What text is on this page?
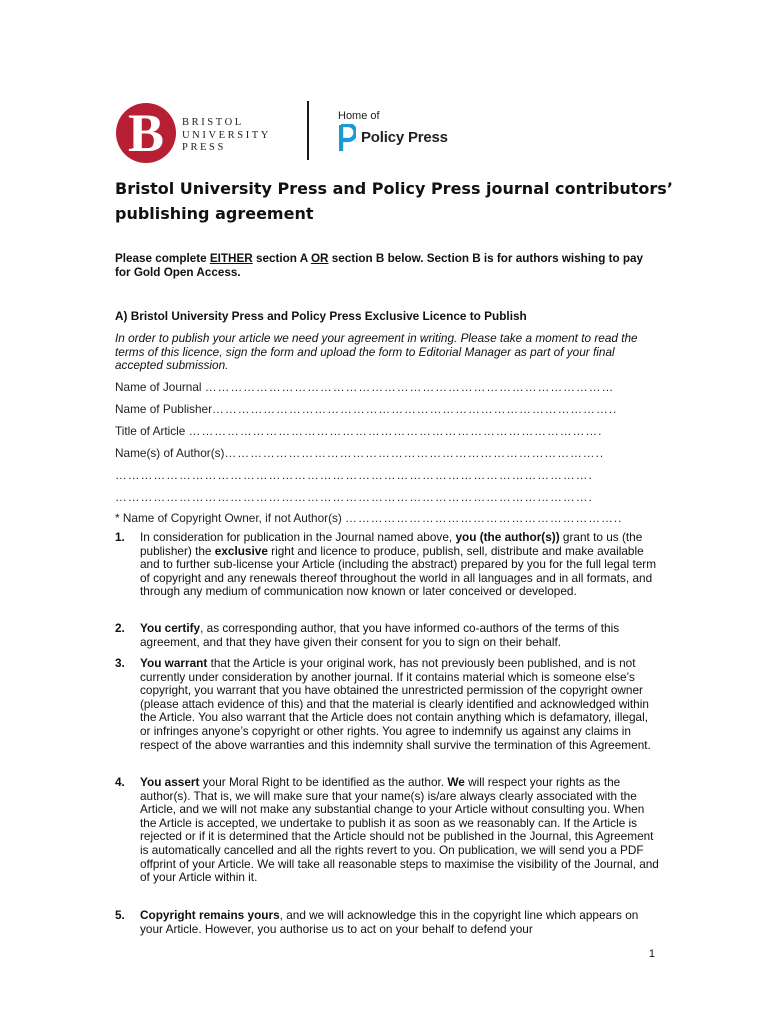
B	BRISTOL
UNIVERSITY
PRESS
Home of
Policy Press
Bristol University Press and Policy Press journal contributors’ publishing agreement

Please complete EITHER section A OR section B below. Section B is for authors wishing to pay for Gold Open Access.

A) Bristol University Press and Policy Press Exclusive Licence to Publish

In order to publish your article we need your agreement in writing. Please take a moment to read the terms of this licence, sign the form and upload the form to Editorial Manager as part of your final accepted submission.

Name of Journal ……………………………………………………………………………………
Name of Publisher…………………………………………………………………………………..
Title of Article …………………………………………………………………………………….
Name(s) of Author(s)……………………………………………………………………………..
………………………………………………………………………………………………….
………………………………………………………………………………………………….
* Name of Copyright Owner, if not Author(s) ………………………………………………………..
1. In consideration for publication in the Journal named above, you (the author(s)) grant to us (the publisher) the exclusive right and licence to produce, publish, sell, distribute and make available and to further sub-license your Article (including the abstract) prepared by you for the full legal term of copyright and any renewals thereof throughout the world in all languages and in all formats, and through any medium of communication now known or later conceived or developed.
2. You certify, as corresponding author, that you have informed co-authors of the terms of this agreement, and that they have given their consent for you to sign on their behalf.
3. You warrant that the Article is your original work, has not previously been published, and is not currently under consideration by another journal. If it contains material which is someone else’s copyright, you warrant that you have obtained the unrestricted permission of the copyright owner (please attach evidence of this) and that the material is clearly identified and acknowledged within the Article. You also warrant that the Article does not contain anything which is defamatory, illegal, or infringes anyone’s copyright or other rights. You agree to indemnify us against any claims in respect of the above warranties and this indemnity shall survive the termination of this Agreement.
4. You assert your Moral Right to be identified as the author. We will respect your rights as the author(s). That is, we will make sure that your name(s) is/are always clearly associated with the Article, and we will not make any substantial change to your Article without consulting you. When the Article is accepted, we undertake to publish it as soon as we reasonably can. If the Article is rejected or if it is determined that the Article should not be published in the Journal, this Agreement is automatically cancelled and all the rights revert to you. On publication, we will send you a PDF offprint of your Article. We will take all reasonable steps to maximise the visibility of the Journal, and of your Article within it.
5. Copyright remains yours, and we will acknowledge this in the copyright line which appears on your Article. However, you authorise us to act on your behalf to defend your
1
